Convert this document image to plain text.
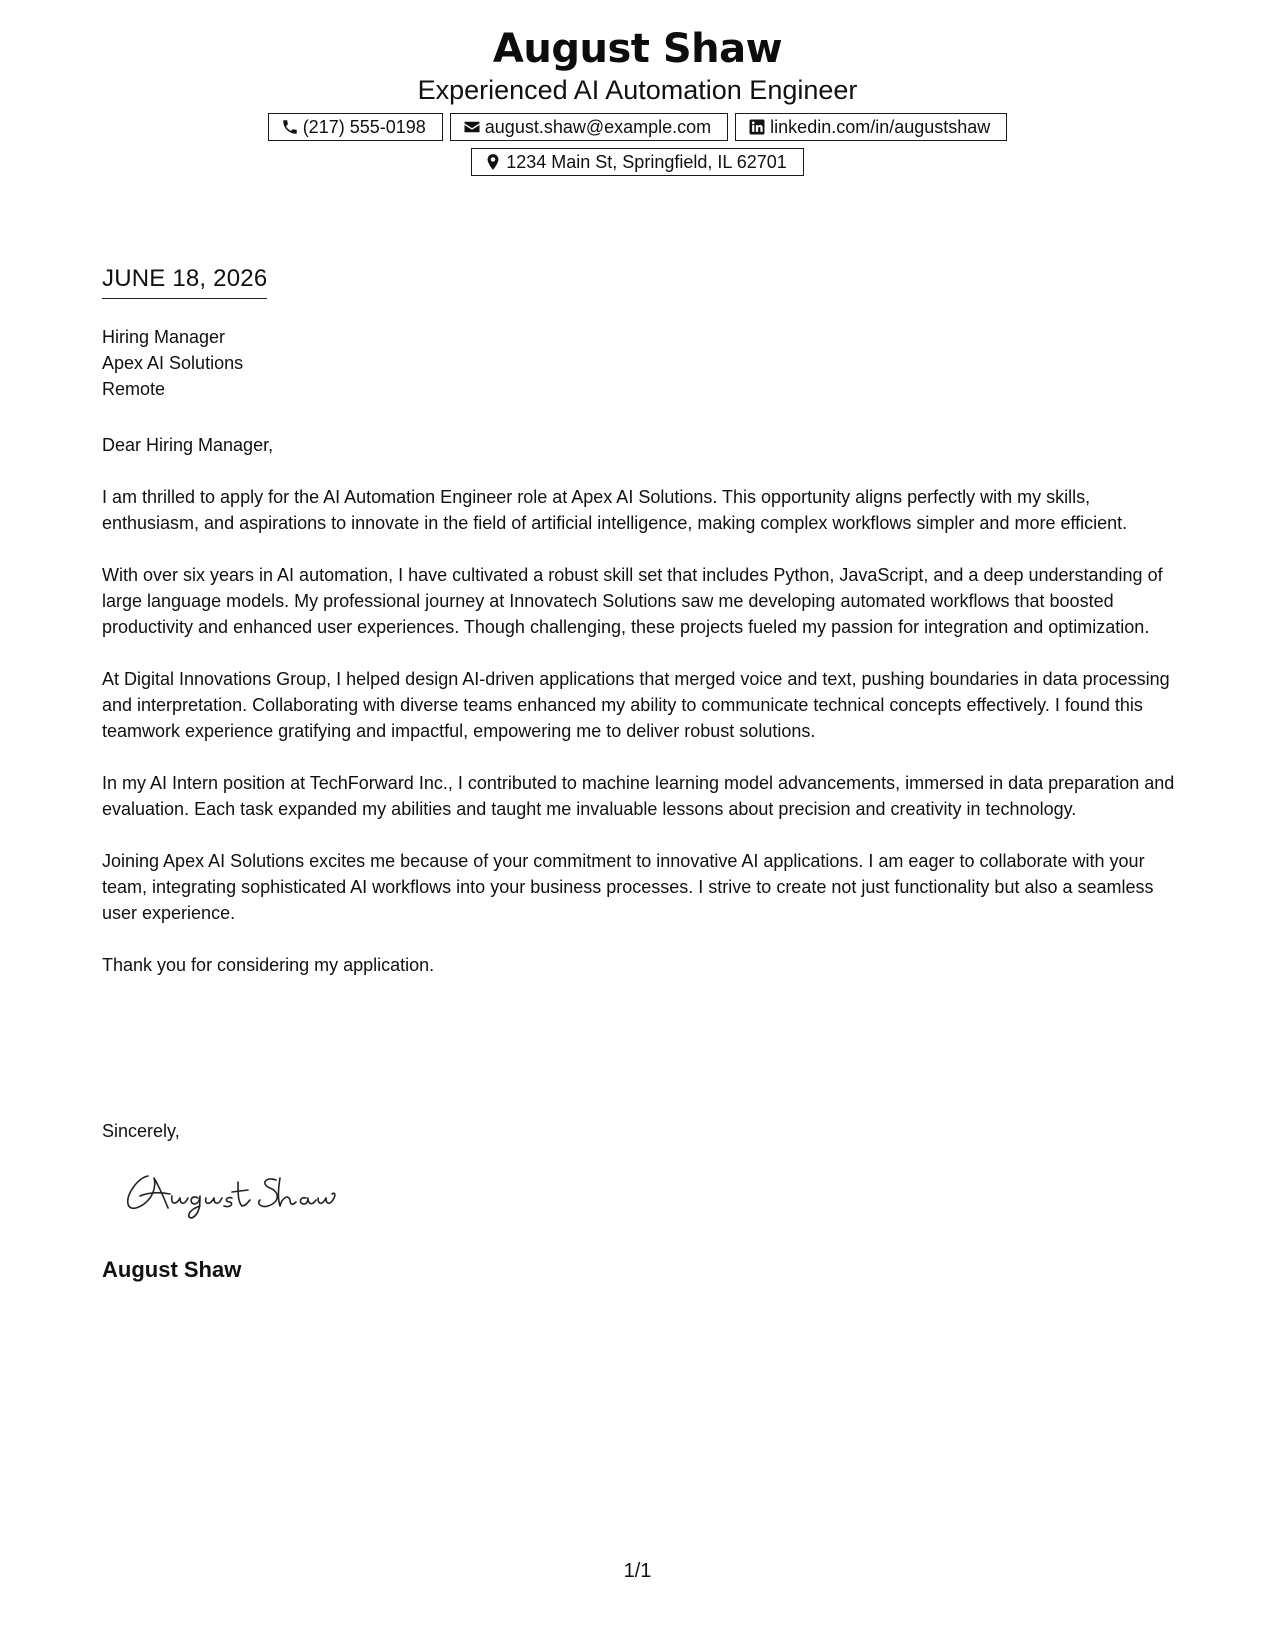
August Shaw
Experienced AI Automation Engineer
(217) 555-0198	august.shaw@example.com	linkedin.com/in/augustshaw
1234 Main St, Springfield, IL 62701
JUNE 18, 2026
Hiring Manager
Apex AI Solutions
Remote

Dear Hiring Manager,

I am thrilled to apply for the AI Automation Engineer role at Apex AI Solutions. This opportunity aligns perfectly with my skills, enthusiasm, and aspirations to innovate in the field of artificial intelligence, making complex workflows simpler and more efficient.

With over six years in AI automation, I have cultivated a robust skill set that includes Python, JavaScript, and a deep understanding of large language models. My professional journey at Innovatech Solutions saw me developing automated workflows that boosted productivity and enhanced user experiences. Though challenging, these projects fueled my passion for integration and optimization.

At Digital Innovations Group, I helped design AI-driven applications that merged voice and text, pushing boundaries in data processing and interpretation. Collaborating with diverse teams enhanced my ability to communicate technical concepts effectively. I found this teamwork experience gratifying and impactful, empowering me to deliver robust solutions.

In my AI Intern position at TechForward Inc., I contributed to machine learning model advancements, immersed in data preparation and evaluation. Each task expanded my abilities and taught me invaluable lessons about precision and creativity in technology.

Joining Apex AI Solutions excites me because of your commitment to innovative AI applications. I am eager to collaborate with your team, integrating sophisticated AI workflows into your business processes. I strive to create not just functionality but also a seamless user experience.

Thank you for considering my application.

Sincerely,
August Shaw
1/1
